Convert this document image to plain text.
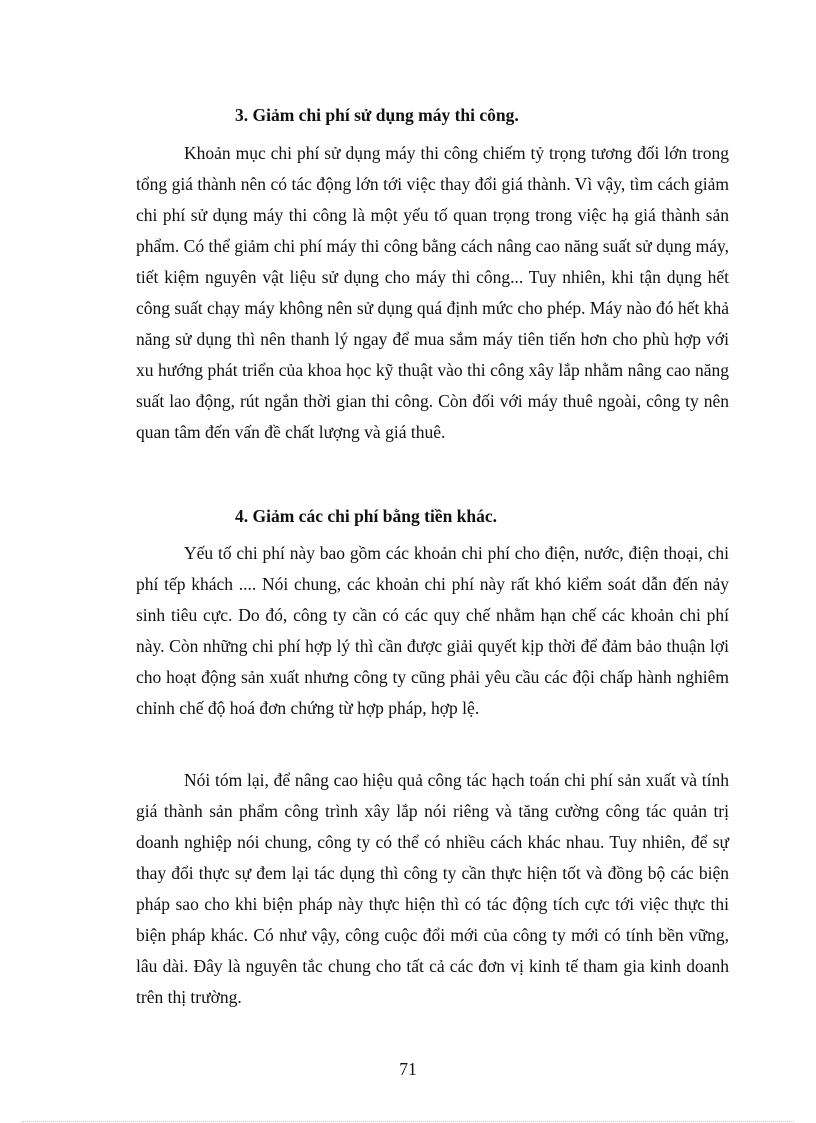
3. Giảm chi phí sử dụng máy thi công.

Khoản mục chi phí sử dụng máy thi công chiếm tỷ trọng tương đối lớn trong tổng giá thành nên có tác động lớn tới việc thay đổi giá thành. Vì vậy, tìm cách giảm chi phí sử dụng máy thi công là một yếu tố quan trọng trong việc hạ giá thành sản phẩm. Có thể giảm chi phí máy thi công bằng cách nâng cao năng suất sử dụng máy, tiết kiệm nguyên vật liệu sử dụng cho máy thi công... Tuy nhiên, khi tận dụng hết công suất chạy máy không nên sử dụng quá định mức cho phép. Máy nào đó hết khả năng sử dụng thì nên thanh lý ngay để mua sắm máy tiên tiến hơn cho phù hợp với xu hướng phát triển của khoa học kỹ thuật vào thi công xây lắp nhằm nâng cao năng suất lao động, rút ngắn thời gian thi công. Còn đối với máy thuê ngoài, công ty nên quan tâm đến vấn đề chất lượng và giá thuê.

4. Giảm các chi phí bằng tiền khác.

Yếu tố chi phí này bao gồm các khoản chi phí cho điện, nước, điện thoại, chi phí tếp khách .... Nói chung, các khoản chi phí này rất khó kiểm soát dẫn đến nảy sinh tiêu cực. Do đó, công ty cần có các quy chế nhằm hạn chế các khoản chi phí này. Còn những chi phí hợp lý thì cần được giải quyết kịp thời để đảm bảo thuận lợi cho hoạt động sản xuất nhưng công ty cũng phải yêu cầu các đội chấp hành nghiêm chỉnh chế độ hoá đơn chứng từ hợp pháp, hợp lệ.

Nói tóm lại, để nâng cao hiệu quả công tác hạch toán chi phí sản xuất và tính giá thành sản phẩm công trình xây lắp nói riêng và tăng cường công tác quản trị doanh nghiệp nói chung, công ty có thể có nhiều cách khác nhau. Tuy nhiên, để sự thay đổi thực sự đem lại tác dụng thì công ty cần thực hiện tốt và đồng bộ các biện pháp sao cho khi biện pháp này thực hiện thì có tác động tích cực tới việc thực thi biện pháp khác. Có như vậy, công cuộc đổi mới của công ty mới có tính bền vững, lâu dài. Đây là nguyên tắc chung cho tất cả các đơn vị kinh tế tham gia kinh doanh trên thị trường.

71
